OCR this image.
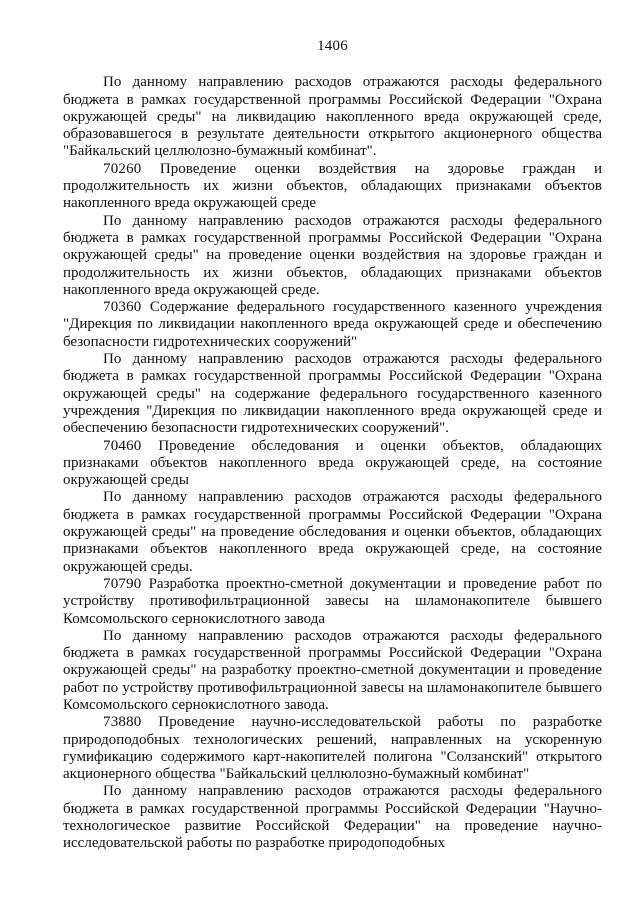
1406

По данному направлению расходов отражаются расходы федерального бюджета в рамках государственной программы Российской Федерации "Охрана окружающей среды" на ликвидацию накопленного вреда окружающей среде, образовавшегося в результате деятельности открытого акционерного общества "Байкальский целлюлозно-бумажный комбинат".

70260 Проведение оценки воздействия на здоровье граждан и продолжительность их жизни объектов, обладающих признаками объектов накопленного вреда окружающей среде

По данному направлению расходов отражаются расходы федерального бюджета в рамках государственной программы Российской Федерации "Охрана окружающей среды" на проведение оценки воздействия на здоровье граждан и продолжительность их жизни объектов, обладающих признаками объектов накопленного вреда окружающей среде.

70360 Содержание федерального государственного казенного учреждения "Дирекция по ликвидации накопленного вреда окружающей среде и обеспечению безопасности гидротехнических сооружений"

По данному направлению расходов отражаются расходы федерального бюджета в рамках государственной программы Российской Федерации "Охрана окружающей среды" на содержание федерального государственного казенного учреждения "Дирекция по ликвидации накопленного вреда окружающей среде и обеспечению безопасности гидротехнических сооружений".

70460 Проведение обследования и оценки объектов, обладающих признаками объектов накопленного вреда окружающей среде, на состояние окружающей среды

По данному направлению расходов отражаются расходы федерального бюджета в рамках государственной программы Российской Федерации "Охрана окружающей среды" на проведение обследования и оценки объектов, обладающих признаками объектов накопленного вреда окружающей среде, на состояние окружающей среды.

70790 Разработка проектно-сметной документации и проведение работ по устройству противофильтрационной завесы на шламонакопителе бывшего Комсомольского сернокислотного завода

По данному направлению расходов отражаются расходы федерального бюджета в рамках государственной программы Российской Федерации "Охрана окружающей среды" на разработку проектно-сметной документации и проведение работ по устройству противофильтрационной завесы на шламонакопителе бывшего Комсомольского сернокислотного завода.

73880 Проведение научно-исследовательской работы по разработке природоподобных технологических решений, направленных на ускоренную гумификацию содержимого карт-накопителей полигона "Солзанский" открытого акционерного общества "Байкальский целлюлозно-бумажный комбинат"

По данному направлению расходов отражаются расходы федерального бюджета в рамках государственной программы Российской Федерации "Научно-технологическое развитие Российской Федерации" на проведение научно-исследовательской работы по разработке природоподобных
